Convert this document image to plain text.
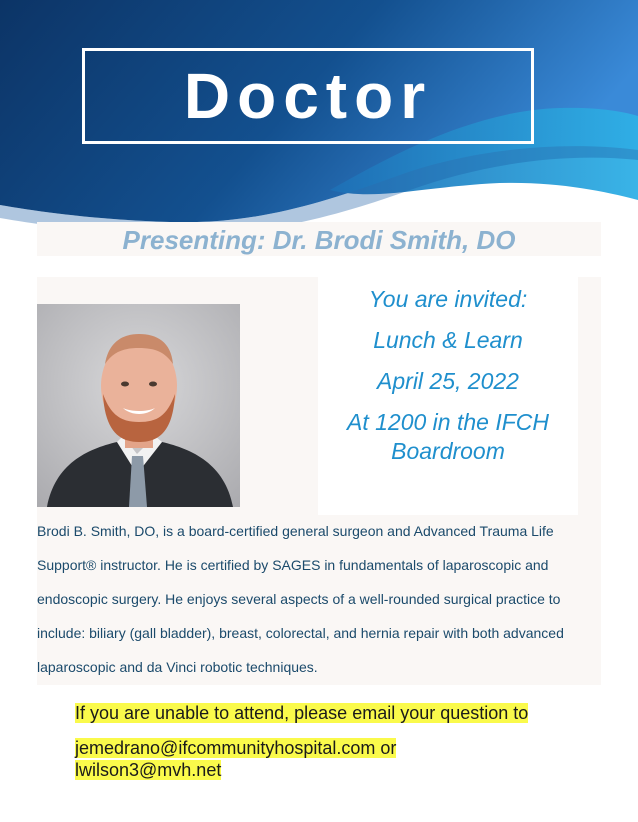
Doctor
Presenting: Dr. Brodi Smith, DO
You are invited:
Lunch & Learn
April 25, 2022
At 1200 in the IFCH
Boardroom
Brodi B. Smith, DO, is a board-certified general surgeon and Advanced Trauma Life Support® instructor. He is certified by SAGES in fundamentals of laparoscopic and endoscopic surgery. He enjoys several aspects of a well-rounded surgical practice to include: biliary (gall bladder), breast, colorectal, and hernia repair with both advanced laparoscopic and da Vinci robotic techniques.
If you are unable to attend, please email your question to
jemedrano@ifcommunityhospital.com or
lwilson3@mvh.net
